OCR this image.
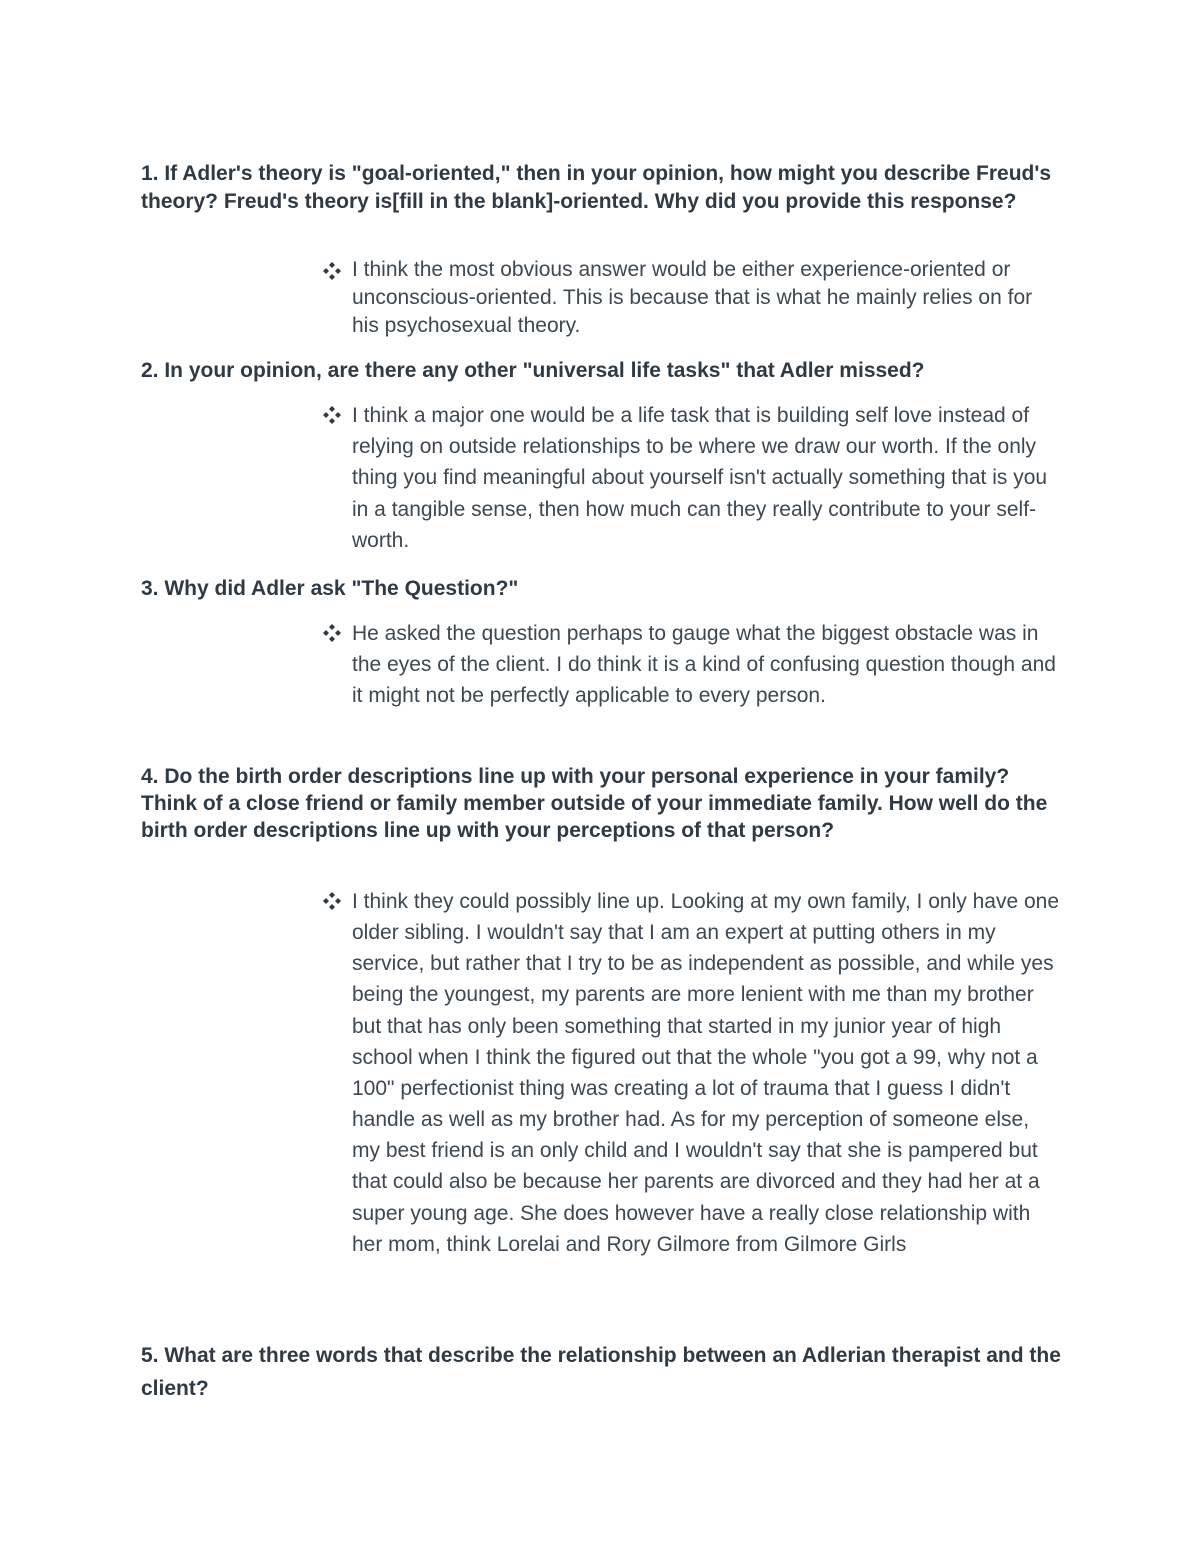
1. If Adler's theory is "goal-oriented," then in your opinion, how might you describe Freud's theory? Freud's theory is[fill in the blank]-oriented. Why did you provide this response?

I think the most obvious answer would be either experience-oriented or unconscious-oriented. This is because that is what he mainly relies on for his psychosexual theory.

2. In your opinion, are there any other "universal life tasks" that Adler missed?

I think a major one would be a life task that is building self love instead of relying on outside relationships to be where we draw our worth. If the only thing you find meaningful about yourself isn't actually something that is you in a tangible sense, then how much can they really contribute to your self-worth.

3. Why did Adler ask "The Question?"

He asked the question perhaps to gauge what the biggest obstacle was in the eyes of the client. I do think it is a kind of confusing question though and it might not be perfectly applicable to every person.

4. Do the birth order descriptions line up with your personal experience in your family? Think of a close friend or family member outside of your immediate family. How well do the birth order descriptions line up with your perceptions of that person?

I think they could possibly line up. Looking at my own family, I only have one older sibling. I wouldn't say that I am an expert at putting others in my service, but rather that I try to be as independent as possible, and while yes being the youngest, my parents are more lenient with me than my brother but that has only been something that started in my junior year of high school when I think the figured out that the whole "you got a 99, why not a 100" perfectionist thing was creating a lot of trauma that I guess I didn't handle as well as my brother had. As for my perception of someone else, my best friend is an only child and I wouldn't say that she is pampered but that could also be because her parents are divorced and they had her at a super young age. She does however have a really close relationship with her mom, think Lorelai and Rory Gilmore from Gilmore Girls

5. What are three words that describe the relationship between an Adlerian therapist and the client?
